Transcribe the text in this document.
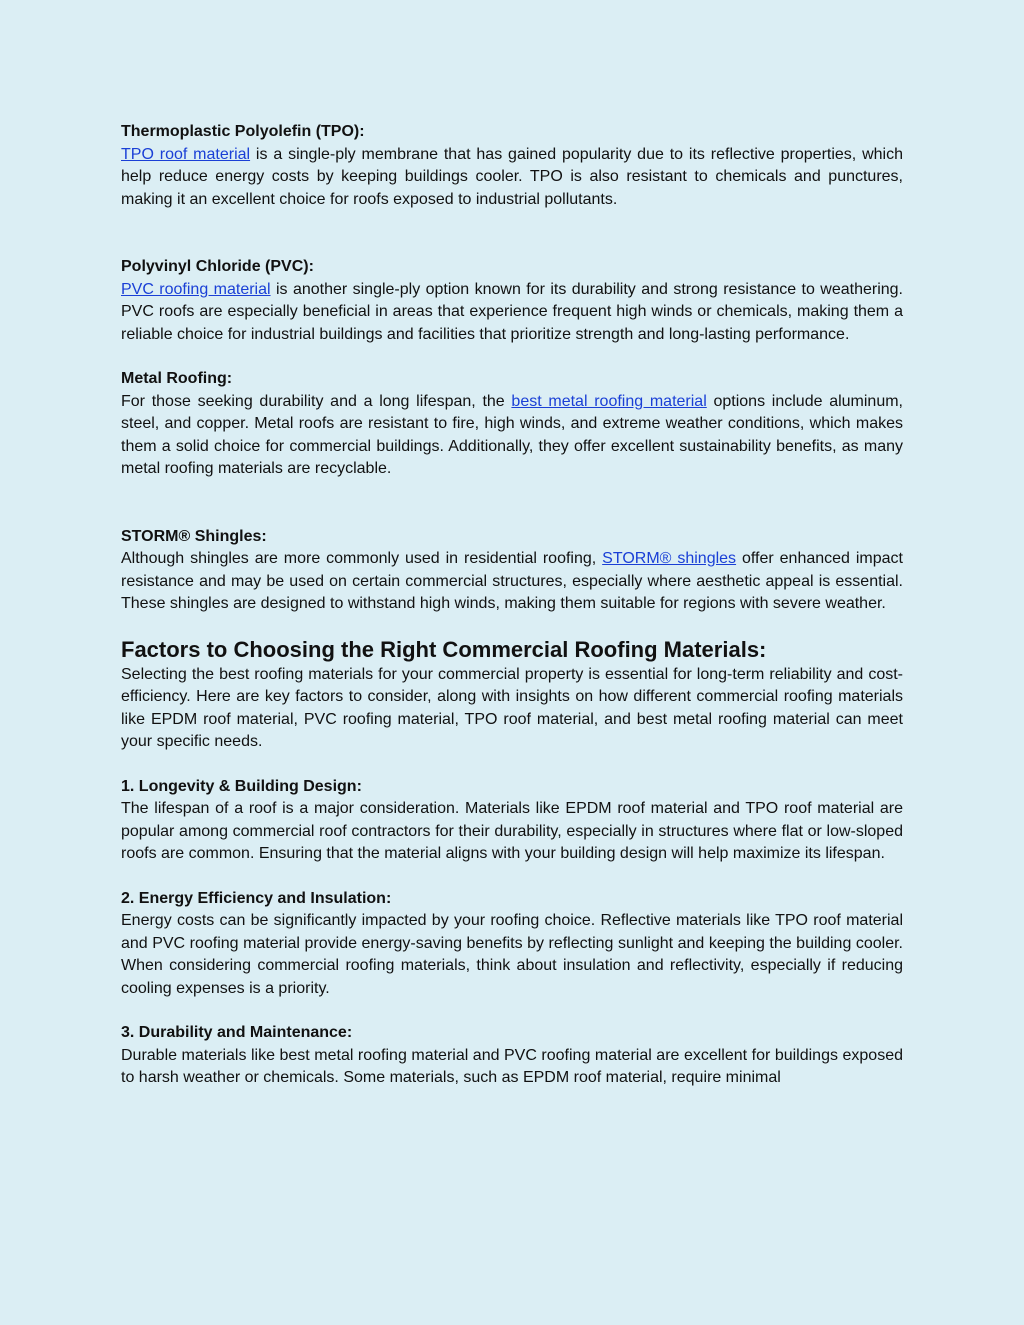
Thermoplastic Polyolefin (TPO):
TPO roof material is a single-ply membrane that has gained popularity due to its reflective properties, which help reduce energy costs by keeping buildings cooler. TPO is also resistant to chemicals and punctures, making it an excellent choice for roofs exposed to industrial pollutants.
Polyvinyl Chloride (PVC):
PVC roofing material is another single-ply option known for its durability and strong resistance to weathering. PVC roofs are especially beneficial in areas that experience frequent high winds or chemicals, making them a reliable choice for industrial buildings and facilities that prioritize strength and long-lasting performance.
Metal Roofing:
For those seeking durability and a long lifespan, the best metal roofing material options include aluminum, steel, and copper. Metal roofs are resistant to fire, high winds, and extreme weather conditions, which makes them a solid choice for commercial buildings. Additionally, they offer excellent sustainability benefits, as many metal roofing materials are recyclable.
STORM® Shingles:
Although shingles are more commonly used in residential roofing, STORM® shingles offer enhanced impact resistance and may be used on certain commercial structures, especially where aesthetic appeal is essential. These shingles are designed to withstand high winds, making them suitable for regions with severe weather.
Factors to Choosing the Right Commercial Roofing Materials:
Selecting the best roofing materials for your commercial property is essential for long-term reliability and cost-efficiency. Here are key factors to consider, along with insights on how different commercial roofing materials like EPDM roof material, PVC roofing material, TPO roof material, and best metal roofing material can meet your specific needs.
1. Longevity & Building Design:
The lifespan of a roof is a major consideration. Materials like EPDM roof material and TPO roof material are popular among commercial roof contractors for their durability, especially in structures where flat or low-sloped roofs are common. Ensuring that the material aligns with your building design will help maximize its lifespan.
2. Energy Efficiency and Insulation:
Energy costs can be significantly impacted by your roofing choice. Reflective materials like TPO roof material and PVC roofing material provide energy-saving benefits by reflecting sunlight and keeping the building cooler. When considering commercial roofing materials, think about insulation and reflectivity, especially if reducing cooling expenses is a priority.
3. Durability and Maintenance:
Durable materials like best metal roofing material and PVC roofing material are excellent for buildings exposed to harsh weather or chemicals. Some materials, such as EPDM roof material, require minimal
